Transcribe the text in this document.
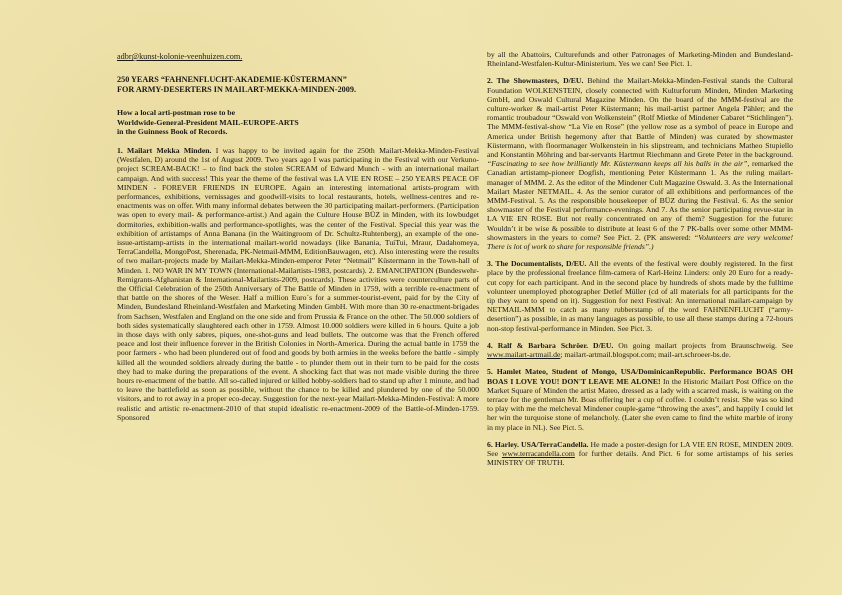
adbr@kunst-kolonie-veenhuizen.com.

250 YEARS “FAHNENFLUCHT-AKADEMIE-KÜSTERMANN”
FOR ARMY-DESERTERS IN MAILART-MEKKA-MINDEN-2009.

How a local arti-postman rose to be
Worldwide-General-President MAIL-EUROPE-ARTS
in the Guinness Book of Records.

1. Mailart Mekka Minden. I was happy to be invited again for the 250th Mailart-Mekka-Minden-Festival (Westfalen, D) around the 1st of August 2009. Two years ago I was participating in the Festival with our Verkuno-project SCREAM-BACK! – to find back the stolen SCREAM of Edward Munch - with an international mailart campaign. And with success! This year the theme of the festival was LA VIE EN ROSE – 250 YEARS PEACE OF MINDEN - FOREVER FRIENDS IN EUROPE. Again an interesting international artists-program with performances, exhibitions, vernissages and goodwill-visits to local restaurants, hotels, wellness-centres and re-enactments was on offer. With many informal debates between the 30 participating mailart-performers. (Participation was open to every mail- & performance-artist.) And again the Culture House BÜZ in Minden, with its lowbudget dormitories, exhibition-walls and performance-spotlights, was the center of the Festival. Special this year was the exhibition of artistamps of Anna Banana (in the Waitingroom of Dr. Schultz-Ruhtenberg), an example of the one-issue-artistamp-artists in the international mailart-world nowadays (like Banania, TuiTui, Mraur, Dadahomeya, TerraCandella, MongoPost, Sherenada, PK-Netmail-MMM, EditionBauwagen, etc). Also interesting were the results of two mailart-projects made by Mailart-Mekka-Minden-emperor Peter “Netmail” Küstermann in the Town-hall of Minden. 1. NO WAR IN MY TOWN (International-Mailartists-1983, postcards). 2. EMANCIPATION (Bundeswehr-Remigrants-Afghanistan & International-Mailartists-2009, postcards). These activities were counterculture parts of the Official Celebration of the 250th Anniversary of The Battle of Minden in 1759, with a terrible re-enactment of that battle on the shores of the Weser. Half a million Euro´s for a summer-tourist-event, paid for by the City of Minden, Bundesland Rheinland-Westfalen and Marketing Minden GmbH. With more than 30 re-enactment-brigades from Sachsen, Westfalen and England on the one side and from Prussia & France on the other. The 50.000 soldiers of both sides systematically slaughtered each other in 1759. Almost 10.000 soldiers were killed in 6 hours. Quite a job in those days with only sabres, piques, one-shot-guns and lead bullets. The outcome was that the French offered peace and lost their influence forever in the British Colonies in North-America. During the actual battle in 1759 the poor farmers - who had been plundered out of food and goods by both armies in the weeks before the battle - simply killed all the wounded soldiers already during the battle - to plunder them out in their turn to be paid for the costs they had to make during the preparations of the event. A shocking fact that was not made visible during the three hours re-enactment of the battle. All so-called injured or killed hobby-soldiers had to stand up after 1 minute, and had to leave the battlefield as soon as possible, without the chance to be killed and plundered by one of the 50.000 visitors, and to rot away in a proper eco-decay. Suggestion for the next-year Mailart-Mekka-Minden-Festival: A more realistic and artistic re-enactment-2010 of that stupid idealistic re-enactment-2009 of the Battle-of-Minden-1759. Sponsored

by all the Abattoirs, Culturefunds and other Patronages of Marketing-Minden and Bundesland-Rheinland-Westfalen-Kultur-Ministerium. Yes we can! See Pict. 1.

2. The Showmasters, D/EU. Behind the Mailart-Mekka-Minden-Festival stands the Cultural Foundation WOLKENSTEIN, closely connected with Kulturforum Minden, Minden Marketing GmbH, and Oswald Cultural Magazine Minden. On the board of the MMM-festival are the culture-worker & mail-artist Peter Küstermann; his mail-artist partner Angela Pähler; and the romantic troubadour “Oswald von Wolkenstein” (Rolf Mietke of Mindener Cabaret “Stichlingen”). The MMM-festival-show “La Vie en Rose” (the yellow rose as a symbol of peace in Europe and America under British hegemony after that Battle of Minden) was curated by showmaster Küstermann, with floormanager Wolkenstein in his slipstream, and technicians Matheo Stupiello and Konstantin Möhring and bar-servants Hartmut Riechmann and Grete Peter in the background. “Fascinating to see how brilliantly Mr. Küstermann keeps all his balls in the air”, remarked the Canadian artistamp-pioneer Dogfish, mentioning Peter Küstermann 1. As the ruling mailart-manager of MMM. 2. As the editor of the Mindener Cult Magazine Oswald. 3. As the International Mailart Master NETMAIL. 4. As the senior curator of all exhibitions and performances of the MMM-Festival. 5. As the responsible housekeeper of BÜZ during the Festival. 6. As the senior showmaster of the Festival performance-evenings. And 7. As the senior participating revue-star in LA VIE EN ROSE. But not really concentrated on any of them? Suggestion for the future: Wouldn’t it be wise & possible to distribute at least 6 of the 7 PK-balls over some other MMM-showmasters in the years to come? See Pict. 2. (PK answered: “Volunteers are very welcome! There is lot of work to share for responsible friends”.)

3. The Documentalists, D/EU. All the events of the festival were doubly registered. In the first place by the professional freelance film-camera of Karl-Heinz Linders: only 20 Euro for a ready-cut copy for each participant. And in the second place by hundreds of shots made by the fulltime volunteer unemployed photographer Detlef Müller (cd of all materials for all participants for the tip they want to spend on it). Suggestion for next Festival: An international mailart-campaign by NETMAIL-MMM to catch as many rubberstamp of the word FAHNENFLUCHT (“army-desertion”) as possible, in as many languages as possible, to use all these stamps during a 72-hours non-stop festival-performance in Minden. See Pict. 3.

4. Ralf & Barbara Schröer. D/EU. On going mailart projects from Braunschweig. See www.mailart-artmail.de; mailart-artmail.blogspot.com; mail-art.schroeer-bs.de.

5. Hamlet Mateo, Student of Mongo, USA/DominicanRepublic. Performance BOAS OH BOAS I LOVE YOU! DON'T LEAVE ME ALONE! In the Historic Mailart Post Office on the Market Square of Minden the artist Mateo, dressed as a lady with a scarred mask, is waiting on the terrace for the gentleman Mr. Boas offering her a cup of coffee. I couldn’t resist. She was so kind to play with me the melcheval Mindener couple-game “throwing the axes”, and happily I could let her win the turquoise stone of melancholy. (Later she even came to find the white marble of irony in my place in NL). See Pict. 5.

6. Harley. USA/TerraCandella. He made a poster-design for LA VIE EN ROSE, MINDEN 2009. See www.terracandella.com for further details. And Pict. 6 for some artistamps of his series MINISTRY OF TRUTH.
